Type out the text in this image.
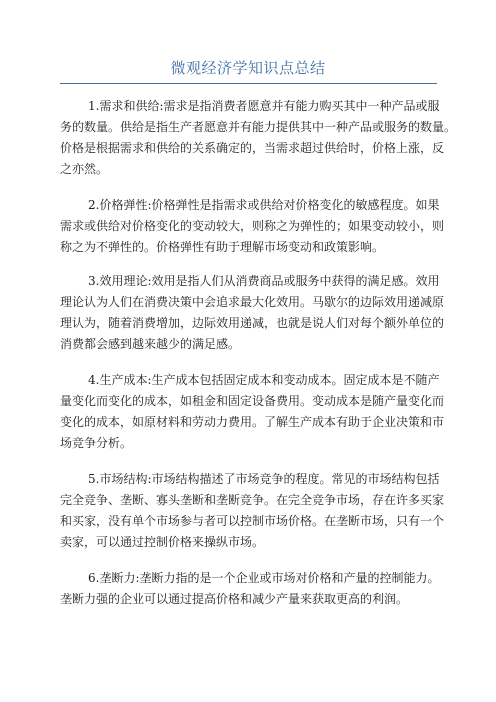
微观经济学知识点总结
1.需求和供给:需求是指消费者愿意并有能力购买其中一种产品或服
务的数量。供给是指生产者愿意并有能力提供其中一种产品或服务的数量。
价格是根据需求和供给的关系确定的，当需求超过供给时，价格上涨，反
之亦然。
2.价格弹性:价格弹性是指需求或供给对价格变化的敏感程度。如果
需求或供给对价格变化的变动较大，则称之为弹性的；如果变动较小，则
称之为不弹性的。价格弹性有助于理解市场变动和政策影响。
3.效用理论:效用是指人们从消费商品或服务中获得的满足感。效用
理论认为人们在消费决策中会追求最大化效用。马歇尔的边际效用递减原
理认为，随着消费增加，边际效用递减，也就是说人们对每个额外单位的
消费都会感到越来越少的满足感。
4.生产成本:生产成本包括固定成本和变动成本。固定成本是不随产
量变化而变化的成本，如租金和固定设备费用。变动成本是随产量变化而
变化的成本，如原材料和劳动力费用。了解生产成本有助于企业决策和市
场竞争分析。
5.市场结构:市场结构描述了市场竞争的程度。常见的市场结构包括
完全竞争、垄断、寡头垄断和垄断竞争。在完全竞争市场，存在许多买家
和买家，没有单个市场参与者可以控制市场价格。在垄断市场，只有一个
卖家，可以通过控制价格来操纵市场。
6.垄断力:垄断力指的是一个企业或市场对价格和产量的控制能力。
垄断力强的企业可以通过提高价格和减少产量来获取更高的利润。
